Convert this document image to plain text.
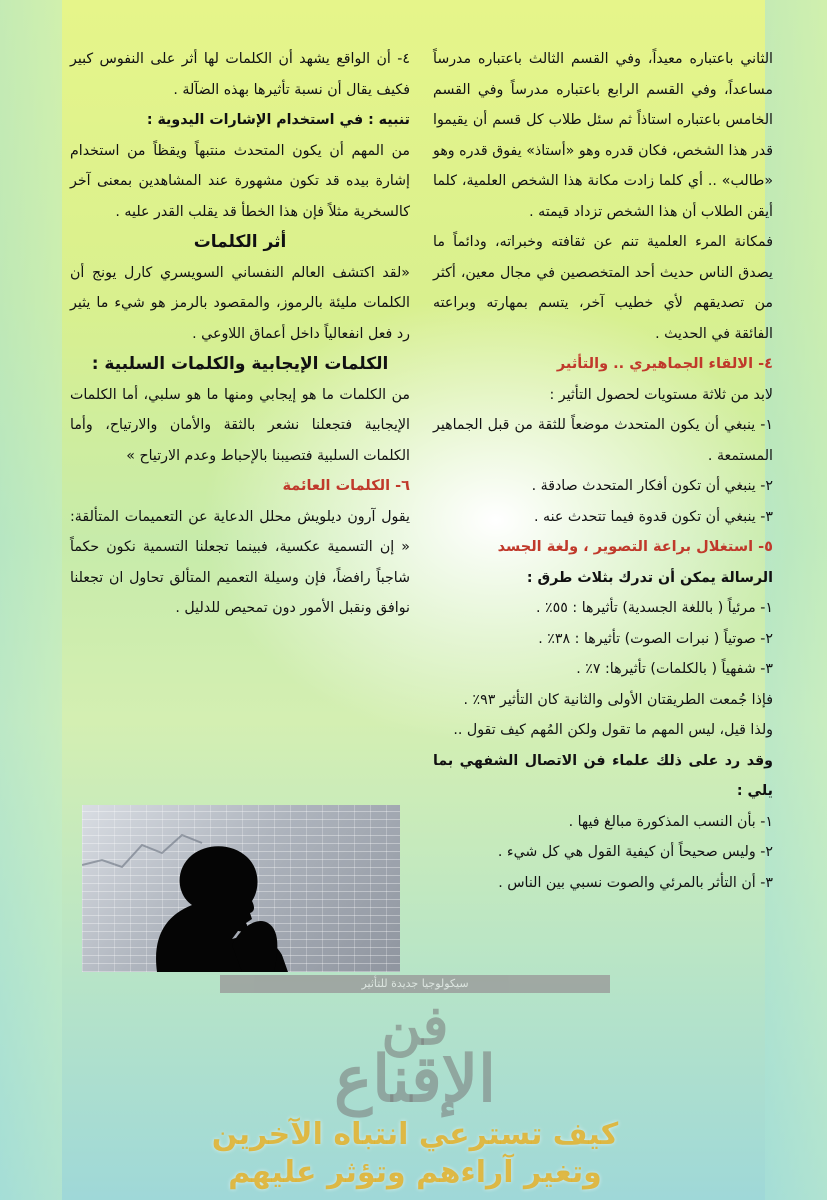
الثاني باعتباره معيداً، وفي القسم الثالث باعتباره مدرساً مساعداً، وفي القسم الرابع باعتباره مدرساً وفي القسم الخامس باعتباره استاذاً ثم سئل طلاب كل قسم أن يقيموا قدر هذا الشخص، فكان قدره وهو «أستاذ» يفوق قدره وهو «طالب» .. أي كلما زادت مكانة هذا الشخص العلمية، كلما أيقن الطلاب أن هذا الشخص تزداد قيمته .

فمكانة المرء العلمية تنم عن ثقافته وخبراته، ودائماً ما يصدق الناس حديث أحد المتخصصين في مجال معين، أكثر من تصديقهم لأي خطيب آخر، يتسم بمهارته وبراعته الفائقة في الحديث .

٤- الالقاء الجماهيري .. والتأثير

لابد من ثلاثة مستويات لحصول التأثير :

١- ينبغي أن يكون المتحدث موضعاً للثقة من قبل الجماهير المستمعة .

٢- ينبغي أن تكون أفكار المتحدث صادقة .

٣- ينبغي أن تكون قدوة فيما تتحدث عنه .

٥- استغلال براعة التصوير ، ولغة الجسد

الرسالة يمكن أن تدرك بثلاث طرق :

١- مرئياً ( باللغة الجسدية) تأثيرها : ٥٥٪ .

٢- صوتياً ( نبرات الصوت) تأثيرها : ٣٨٪ .

٣- شفهياً ( بالكلمات) تأثيرها: ٧٪ .

فإذا جُمعت الطريقتان الأولى والثانية كان التأثير ٩٣٪ .

ولذا قيل، ليس المهم ما تقول ولكن المُهم كيف تقول ..

وقد رد على ذلك علماء فن الاتصال الشفهي بما يلي :

١- بأن النسب المذكورة مبالغ فيها .

٢- وليس صحيحاً أن كيفية القول هي كل شيء .

٣- أن التأثر بالمرئي والصوت نسبي بين الناس .

٤- أن الواقع يشهد أن الكلمات لها أثر على النفوس كبير فكيف يقال أن نسبة تأثيرها بهذه الضآلة .

تنبيه : في استخدام الإشارات اليدوية :

من المهم أن يكون المتحدث منتبهاً ويقظاً من استخدام إشارة بيده قد تكون مشهورة عند المشاهدين بمعنى آخر كالسخرية مثلاً فإن هذا الخطأ قد يقلب القدر عليه .

أثر الكلمات

«لقد اكتشف العالم النفساني السويسري كارل يونج أن الكلمات مليئة بالرموز، والمقصود بالرمز هو شيء ما يثير رد فعل انفعالياً داخل أعماق اللاوعي .

الكلمات الإيجابية والكلمات السلبية :

من الكلمات ما هو إيجابي ومنها ما هو سلبي، أما الكلمات الإيجابية فتجعلنا نشعر بالثقة والأمان والارتياح، وأما الكلمات السلبية فتصيبنا بالإحباط وعدم الارتياح »

٦- الكلمات العائمة

يقول آرون ديلويش محلل الدعاية عن التعميمات المتألقة: « إن التسمية عكسية، فبينما تجعلنا التسمية نكون حكماً شاجباً رافضاً، فإن وسيلة التعميم المتألق تحاول ان تجعلنا نوافق ونقبل الأمور دون تمحيص للدليل .

سيكولوجيا جديدة للتأثير
فن
الإقناع
كيف تسترعي انتباه الآخرين
وتغير آراءهم وتؤثر عليهم
